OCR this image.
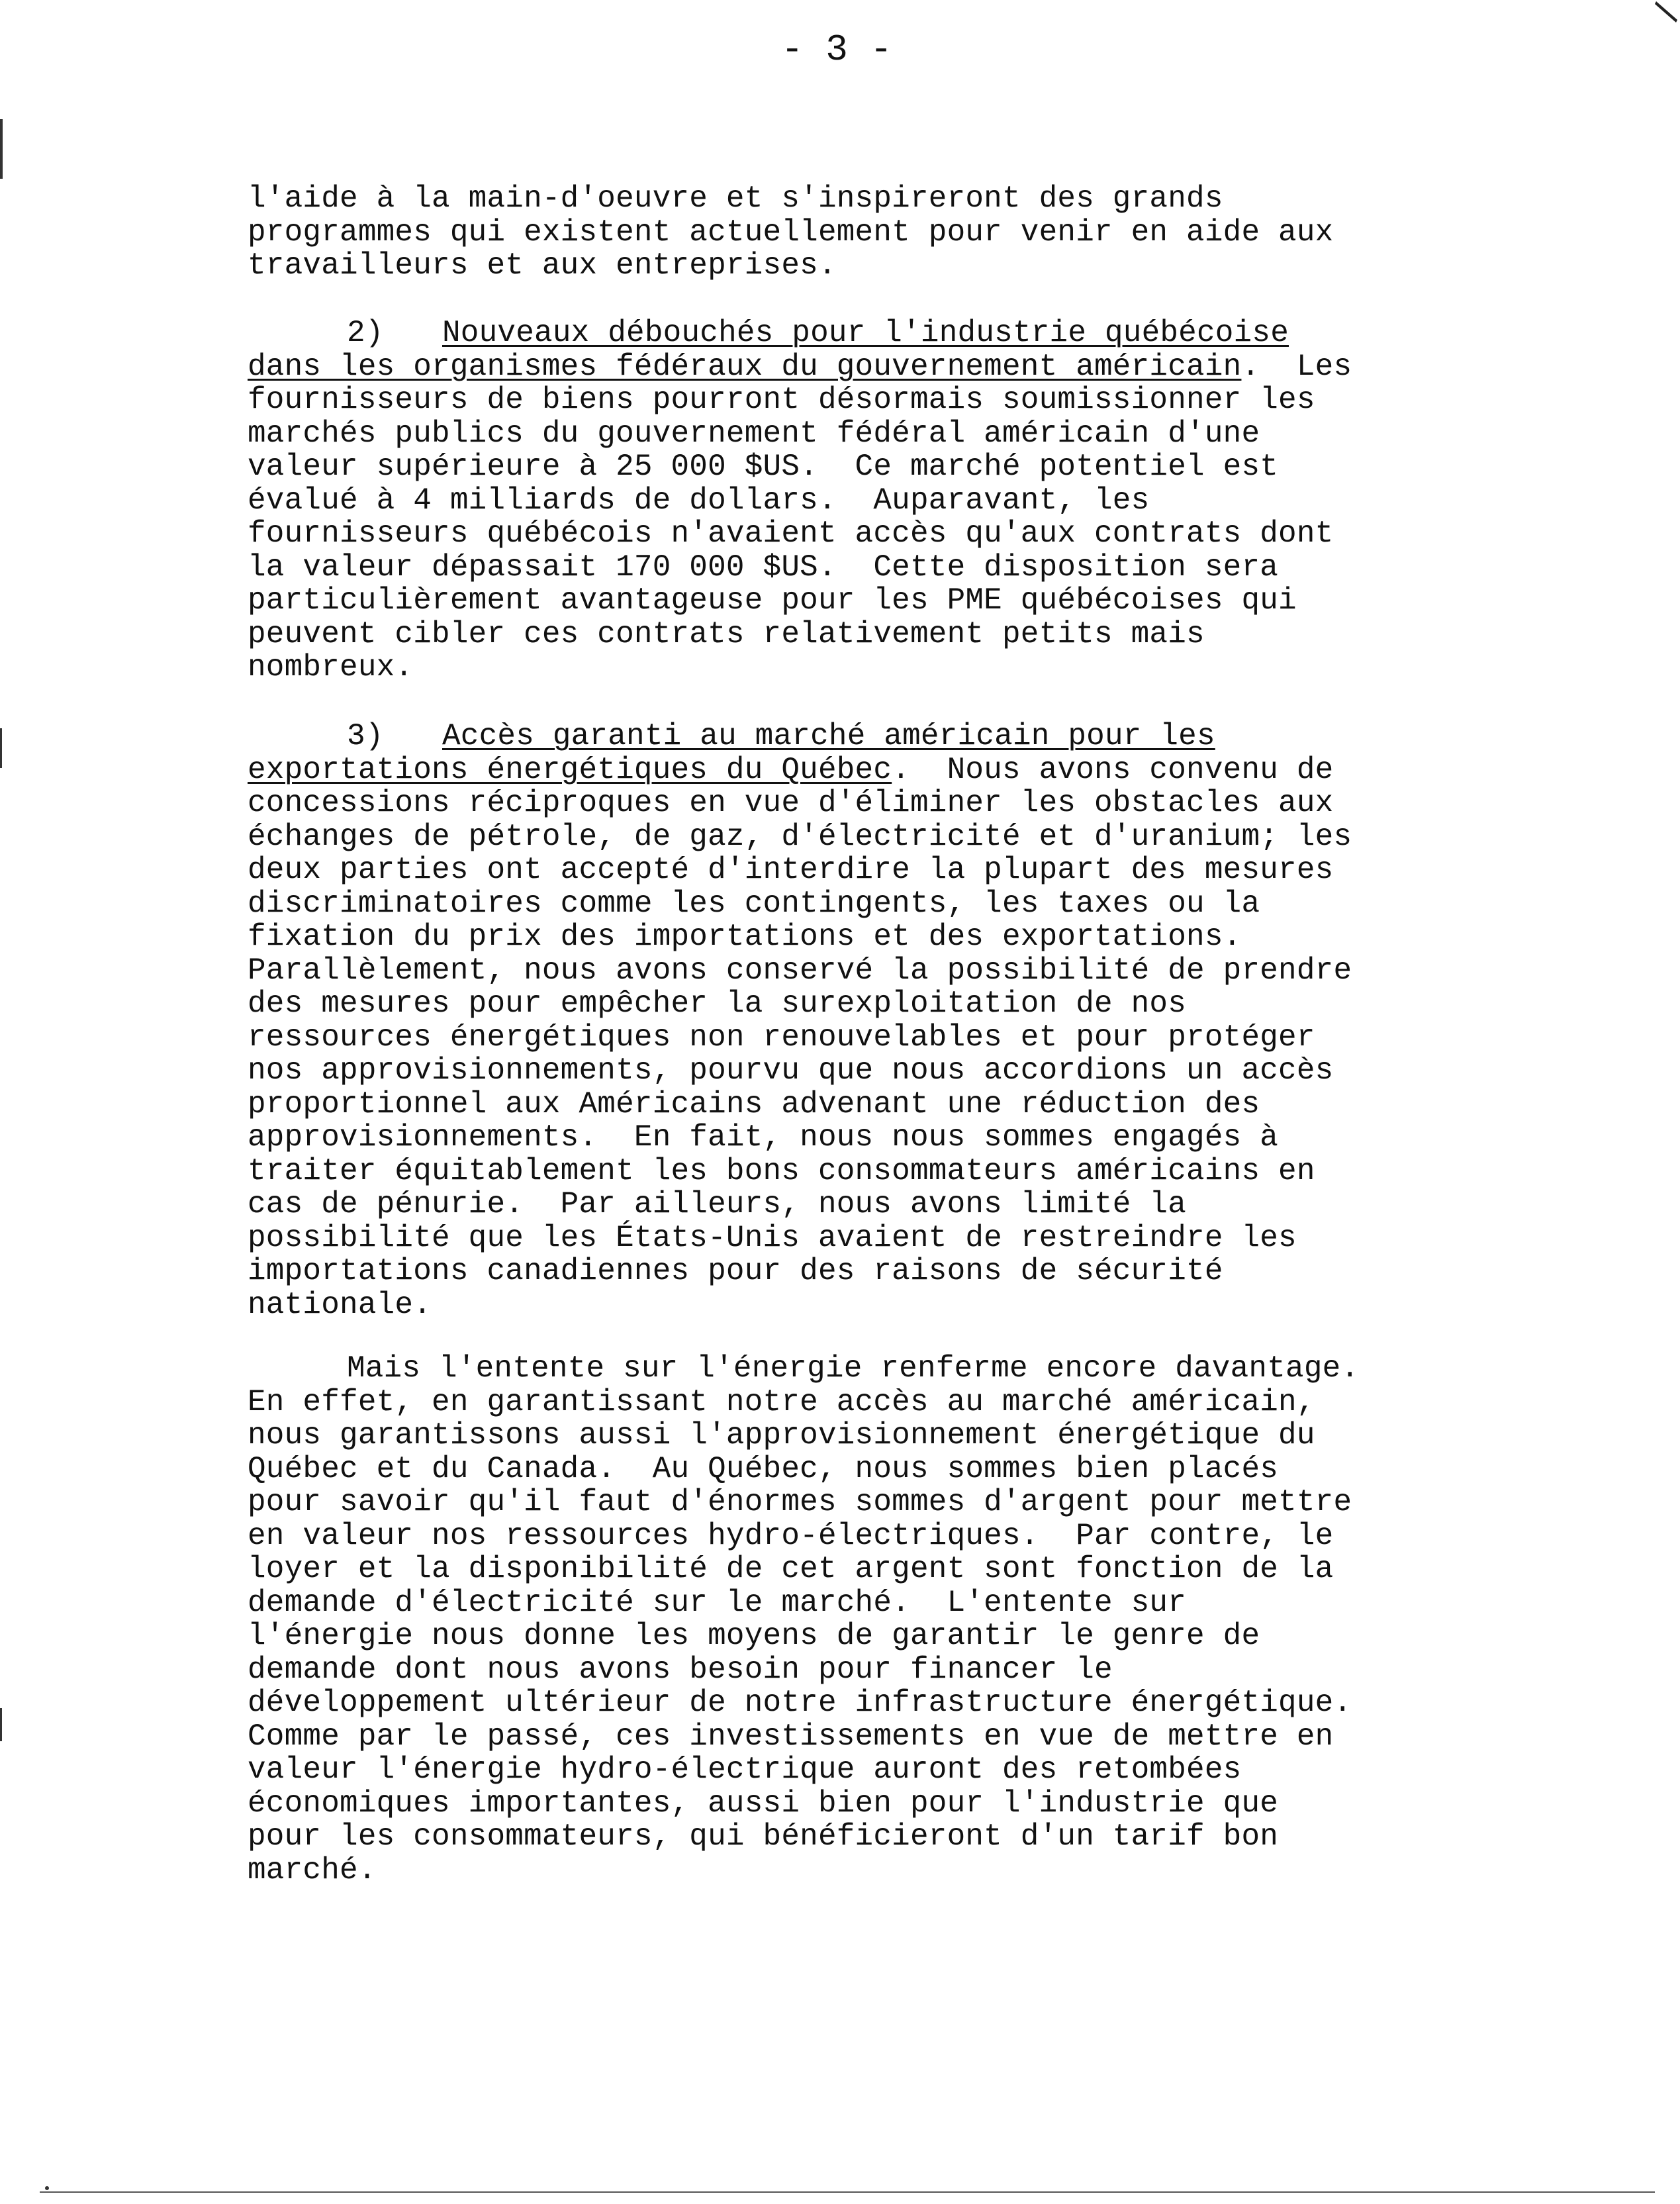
- 3 -
l'aide à la main-d'oeuvre et s'inspireront des grands
programmes qui existent actuellement pour venir en aide aux
travailleurs et aux entreprises.
2) Nouveaux débouchés pour l'industrie québécoise
dans les organismes fédéraux du gouvernement américain.  Les
fournisseurs de biens pourront désormais soumissionner les
marchés publics du gouvernement fédéral américain d'une
valeur supérieure à 25 000 $US.  Ce marché potentiel est
évalué à 4 milliards de dollars.  Auparavant, les
fournisseurs québécois n'avaient accès qu'aux contrats dont
la valeur dépassait 170 000 $US.  Cette disposition sera
particulièrement avantageuse pour les PME québécoises qui
peuvent cibler ces contrats relativement petits mais
nombreux.
3) Accès garanti au marché américain pour les
exportations énergétiques du Québec.  Nous avons convenu de
concessions réciproques en vue d'éliminer les obstacles aux
échanges de pétrole, de gaz, d'électricité et d'uranium; les
deux parties ont accepté d'interdire la plupart des mesures
discriminatoires comme les contingents, les taxes ou la
fixation du prix des importations et des exportations.
Parallèlement, nous avons conservé la possibilité de prendre
des mesures pour empêcher la surexploitation de nos
ressources énergétiques non renouvelables et pour protéger
nos approvisionnements, pourvu que nous accordions un accès
proportionnel aux Américains advenant une réduction des
approvisionnements.  En fait, nous nous sommes engagés à
traiter équitablement les bons consommateurs américains en
cas de pénurie.  Par ailleurs, nous avons limité la
possibilité que les États-Unis avaient de restreindre les
importations canadiennes pour des raisons de sécurité
nationale.
Mais l'entente sur l'énergie renferme encore davantage.
En effet, en garantissant notre accès au marché américain,
nous garantissons aussi l'approvisionnement énergétique du
Québec et du Canada.  Au Québec, nous sommes bien placés
pour savoir qu'il faut d'énormes sommes d'argent pour mettre
en valeur nos ressources hydro-électriques.  Par contre, le
loyer et la disponibilité de cet argent sont fonction de la
demande d'électricité sur le marché.  L'entente sur
l'énergie nous donne les moyens de garantir le genre de
demande dont nous avons besoin pour financer le
développement ultérieur de notre infrastructure énergétique.
Comme par le passé, ces investissements en vue de mettre en
valeur l'énergie hydro-électrique auront des retombées
économiques importantes, aussi bien pour l'industrie que
pour les consommateurs, qui bénéficieront d'un tarif bon
marché.
